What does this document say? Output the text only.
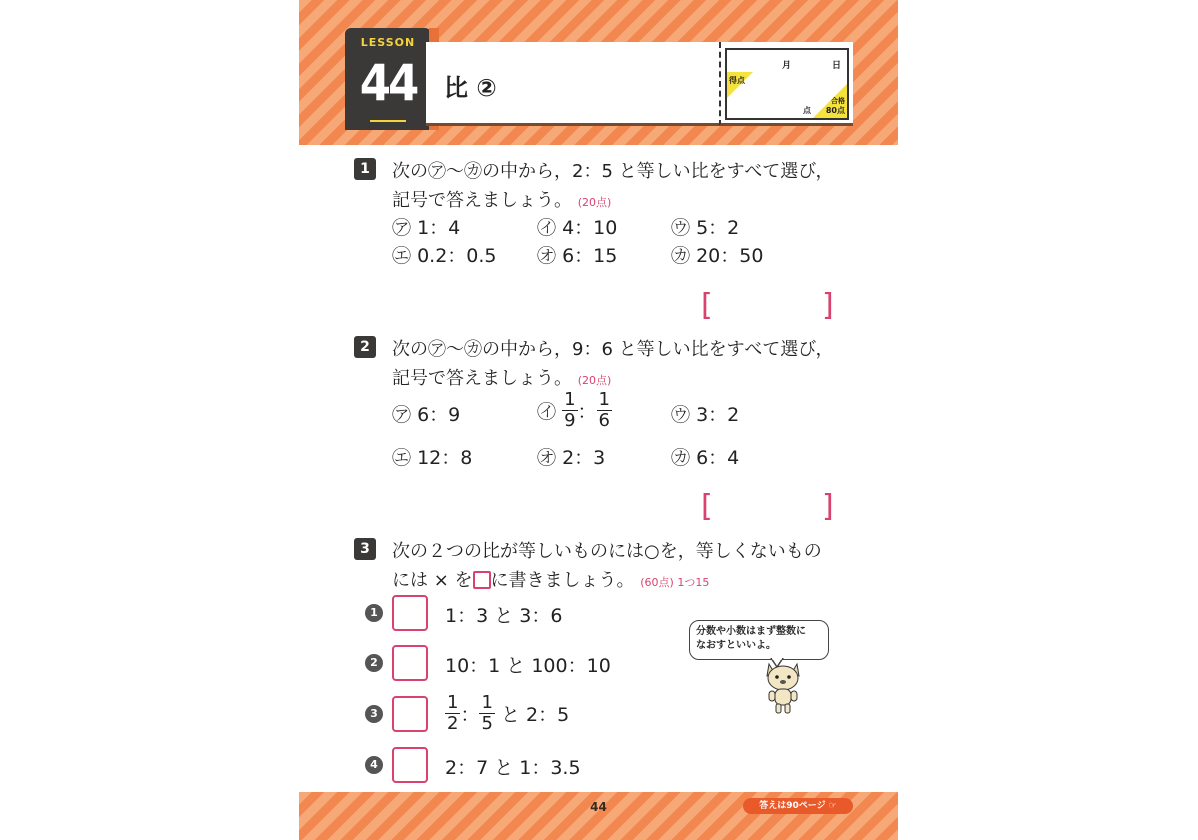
LESSON
44	比 ②
月	日
得点
点
合格
80点
1	次の㋐〜㋕の中から，2：5 と等しい比をすべて選び，
記号で答えましょう。 (20点)
㋐ 1：4	㋑ 4：10	㋒ 5：2
㋓ 0.2：0.5 ㋔ 6：15	㋕ 20：50
[	]
2	次の㋐〜㋕の中から，9：6 と等しい比をすべて選び，
記号で答えましょう。 (20点)
㋐ 6：9	㋑ $\frac{1}{9}$ ： $\frac{1}{6}$	㋒ 3：2
㋓ 12：8	㋔ 2：3	㋕ 6：4
[	]
3	次の２つの比が等しいものには○を，等しくないもの
には × を に書きましょう。 (60点) 1つ15
1	1：3 と 3：6
2	10：1 と 100：10
3	$\frac{1}{2}$ ： $\frac{1}{5}$ と 2：5
4	2：7 と 1：3.5
分数や小数はまず整数に
なおすといいよ。
44	答えは90ページ ☞
